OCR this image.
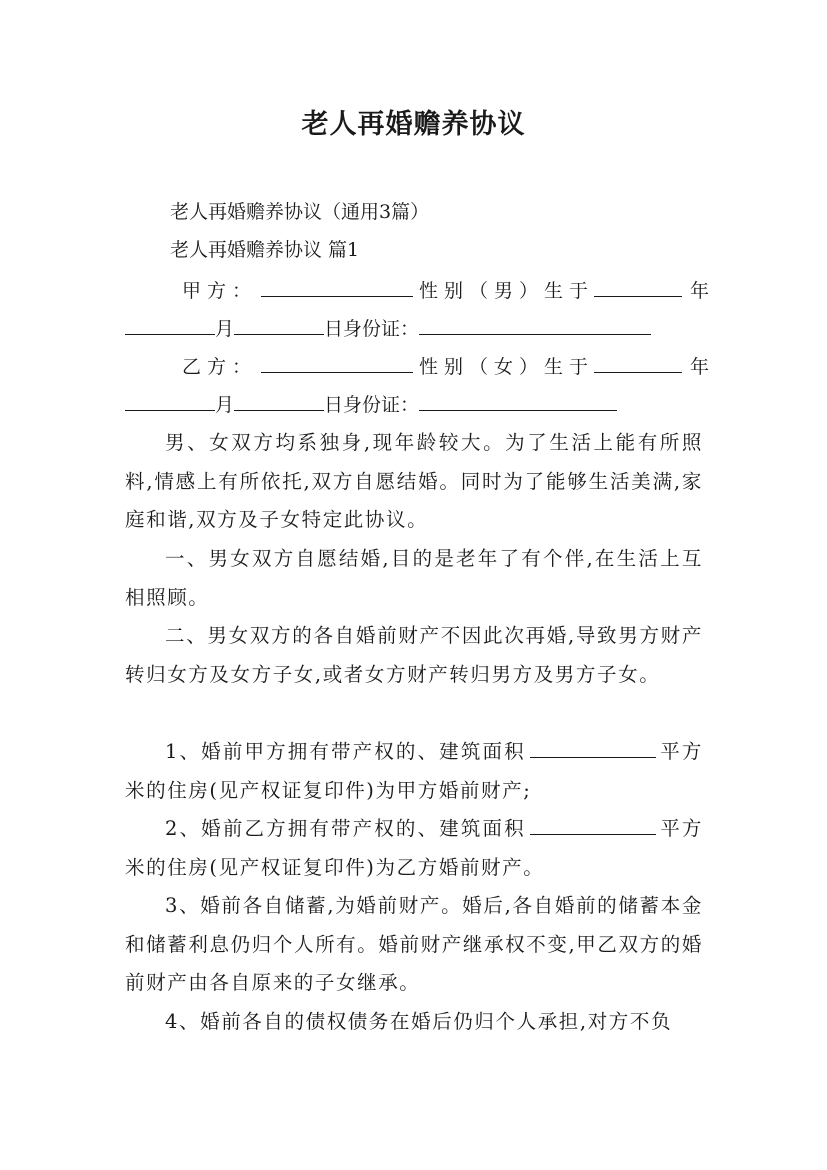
老人再婚赡养协议

老人再婚赡养协议（通用3篇）

老人再婚赡养协议 篇1

甲方：	性别（男）生于	年
月	日身份证：
乙方：	性别（女）生于	年
月	日身份证：

男、女双方均系独身,现年龄较大。为了生活上能有所照料,情感上有所依托,双方自愿结婚。同时为了能够生活美满,家庭和谐,双方及子女特定此协议。

一、男女双方自愿结婚,目的是老年了有个伴,在生活上互相照顾。

二、男女双方的各自婚前财产不因此次再婚,导致男方财产转归女方及女方子女,或者女方财产转归男方及男方子女。

1、婚前甲方拥有带产权的、建筑面积	平方米的住房(见产权证复印件)为甲方婚前财产;

2、婚前乙方拥有带产权的、建筑面积	平方米的住房(见产权证复印件)为乙方婚前财产。

3、婚前各自储蓄,为婚前财产。婚后,各自婚前的储蓄本金和储蓄利息仍归个人所有。婚前财产继承权不变,甲乙双方的婚前财产由各自原来的子女继承。

4、婚前各自的债权债务在婚后仍归个人承担,对方不负
